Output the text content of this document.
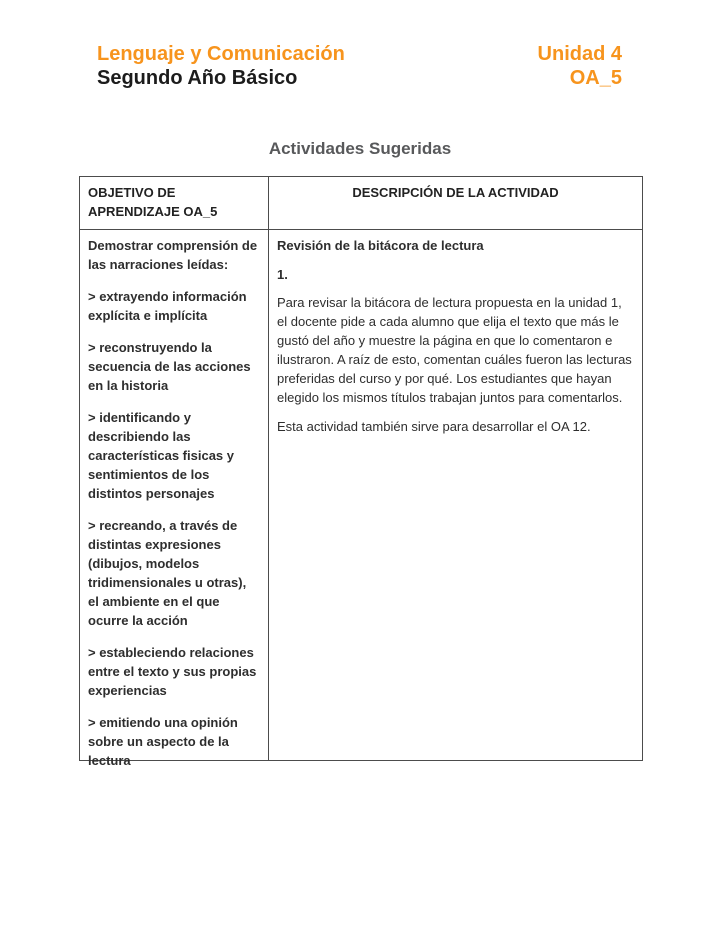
Lenguaje y Comunicación
Segundo Año Básico
Unidad 4
OA_5
Actividades Sugeridas
OBJETIVO DE APRENDIZAJE OA_5
DESCRIPCIÓN DE LA ACTIVIDAD

Demostrar comprensión de las narraciones leídas:

> extrayendo información explícita e implícita

> reconstruyendo la secuencia de las acciones en la historia

> identificando y describiendo las características fisicas y sentimientos de los distintos personajes

> recreando, a través de distintas expresiones (dibujos, modelos tridimensionales u otras), el ambiente en el que ocurre la acción

> estableciendo relaciones entre el texto y sus propias experiencias

> emitiendo una opinión sobre un aspecto de la lectura

Revisión de la bitácora de lectura

1.

Para revisar la bitácora de lectura propuesta en la unidad 1, el docente pide a cada alumno que elija el texto que más le gustó del año y muestre la página en que lo comentaron e ilustraron. A raíz de esto, comentan cuáles fueron las lecturas preferidas del curso y por qué. Los estudiantes que hayan elegido los mismos títulos trabajan juntos para comentarlos.

Esta actividad también sirve para desarrollar el OA 12.
